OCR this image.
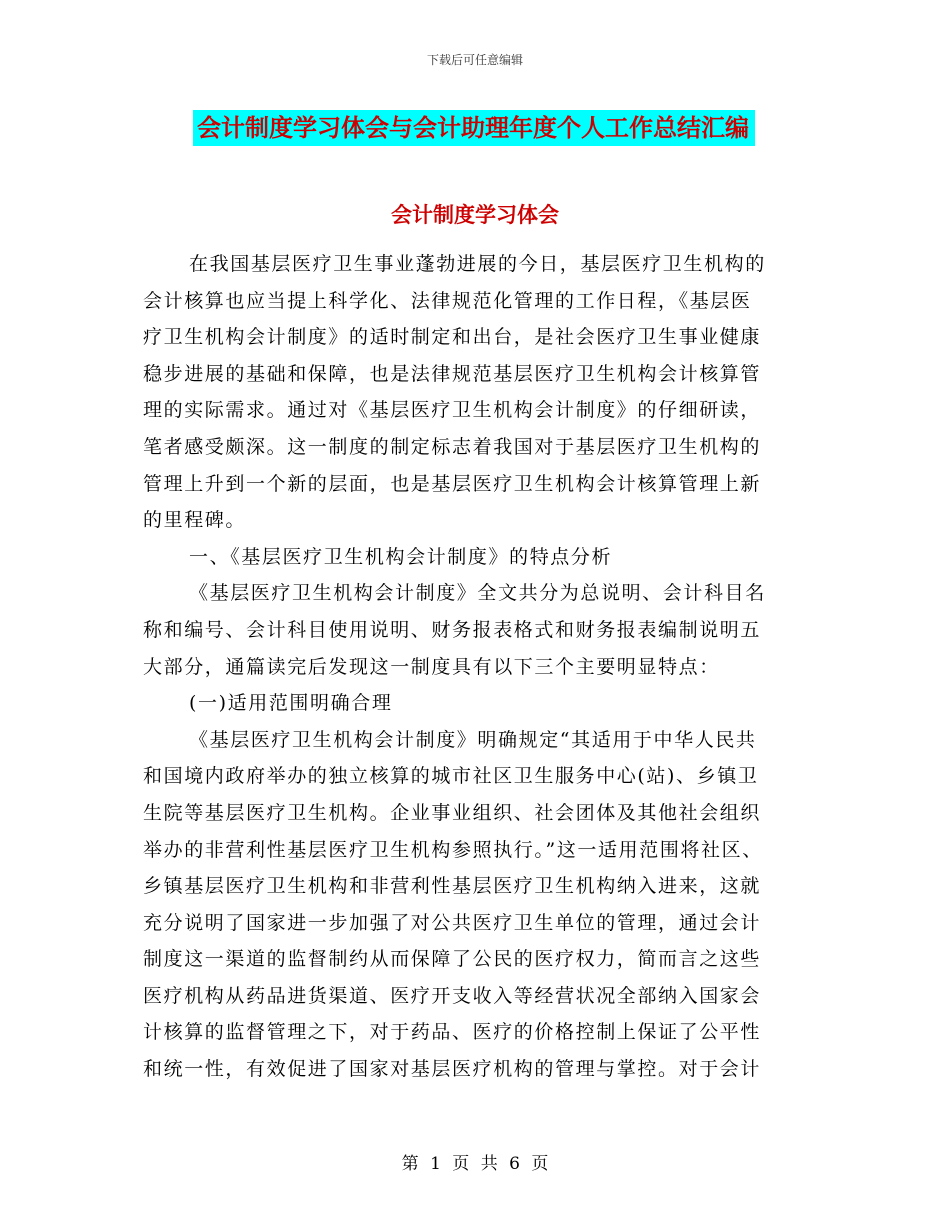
下载后可任意编辑
会计制度学习体会与会计助理年度个人工作总结汇编
会计制度学习体会
在我国基层医疗卫生事业蓬勃进展的今日，基层医疗卫生机构的
会计核算也应当提上科学化、法律规范化管理的工作日程，《基层医
疗卫生机构会计制度》的适时制定和出台，是社会医疗卫生事业健康
稳步进展的基础和保障，也是法律规范基层医疗卫生机构会计核算管
理的实际需求。通过对《基层医疗卫生机构会计制度》的仔细研读，
笔者感受颇深。这一制度的制定标志着我国对于基层医疗卫生机构的
管理上升到一个新的层面，也是基层医疗卫生机构会计核算管理上新
的里程碑。
一、《基层医疗卫生机构会计制度》的特点分析
《基层医疗卫生机构会计制度》全文共分为总说明、会计科目名
称和编号、会计科目使用说明、财务报表格式和财务报表编制说明五
大部分，通篇读完后发现这一制度具有以下三个主要明显特点：
(一)适用范围明确合理
《基层医疗卫生机构会计制度》明确规定“其适用于中华人民共
和国境内政府举办的独立核算的城市社区卫生服务中心(站)、乡镇卫
生院等基层医疗卫生机构。企业事业组织、社会团体及其他社会组织
举办的非营利性基层医疗卫生机构参照执行。”这一适用范围将社区、
乡镇基层医疗卫生机构和非营利性基层医疗卫生机构纳入进来，这就
充分说明了国家进一步加强了对公共医疗卫生单位的管理，通过会计
制度这一渠道的监督制约从而保障了公民的医疗权力，简而言之这些
医疗机构从药品进货渠道、医疗开支收入等经营状况全部纳入国家会
计核算的监督管理之下，对于药品、医疗的价格控制上保证了公平性
和统一性，有效促进了国家对基层医疗机构的管理与掌控。对于会计
第 1 页 共 6 页
